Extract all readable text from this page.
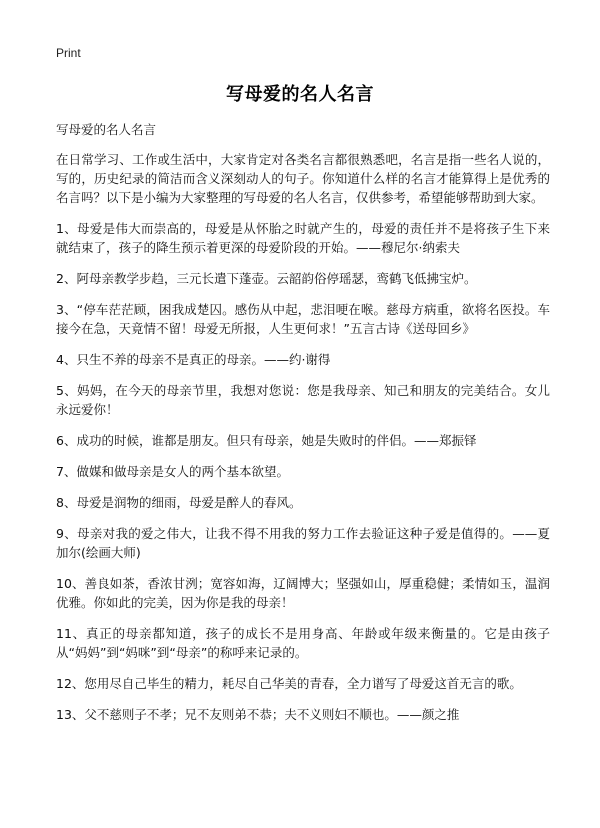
Print
写母爱的名人名言
写母爱的名人名言

在日常学习、工作或生活中，大家肯定对各类名言都很熟悉吧，名言是指一些名人说的，写的，历史纪录的简洁而含义深刻动人的句子。你知道什么样的名言才能算得上是优秀的名言吗？以下是小编为大家整理的写母爱的名人名言，仅供参考，希望能够帮助到大家。

1、母爱是伟大而崇高的，母爱是从怀胎之时就产生的，母爱的责任并不是将孩子生下来就结束了，孩子的降生预示着更深的母爱阶段的开始。——穆尼尔·纳索夫

2、阿母亲教学步趋，三元长遣下蓬壶。云韶韵俗停瑶瑟，鸾鹤飞低拂宝炉。

3、“停车茫茫顾，困我成楚囚。感伤从中起，悲泪哽在喉。慈母方病重，欲将名医投。车接今在急，天竟情不留！母爱无所报，人生更何求！”五言古诗《送母回乡》

4、只生不养的母亲不是真正的母亲。——约·谢得

5、妈妈，在今天的母亲节里，我想对您说：您是我母亲、知己和朋友的完美结合。女儿永远爱你！

6、成功的时候，谁都是朋友。但只有母亲，她是失败时的伴侣。——郑振铎

7、做媒和做母亲是女人的两个基本欲望。

8、母爱是润物的细雨，母爱是醉人的春风。

9、母亲对我的爱之伟大，让我不得不用我的努力工作去验证这种子爱是值得的。——夏加尔(绘画大师)

10、善良如茶，香浓甘洌；宽容如海，辽阔博大；坚强如山，厚重稳健；柔情如玉，温润优雅。你如此的完美，因为你是我的母亲！

11、真正的母亲都知道，孩子的成长不是用身高、年龄或年级来衡量的。它是由孩子从“妈妈”到“妈咪”到“母亲”的称呼来记录的。

12、您用尽自己毕生的精力，耗尽自己华美的青春，全力谱写了母爱这首无言的歌。

13、父不慈则子不孝；兄不友则弟不恭；夫不义则妇不顺也。——颜之推
